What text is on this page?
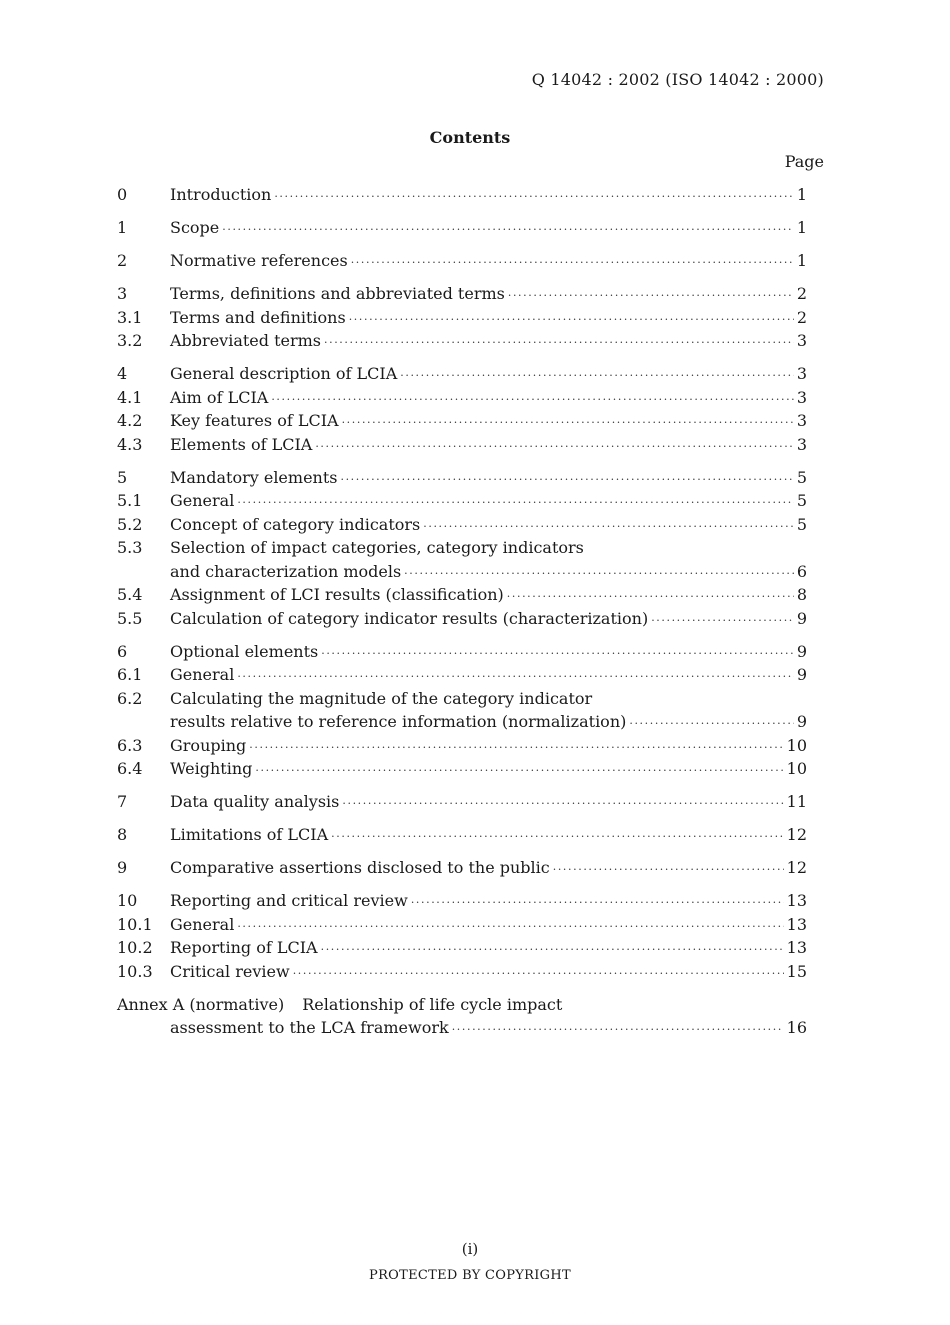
Q 14042 : 2002 (ISO 14042 : 2000)
Contents
Page
0	Introduction ·····	1
1	Scope ·····	1
2	Normative references ·····	1
3	Terms, definitions and abbreviated terms ·····	2
3.1	Terms and definitions ·····	2
3.2	Abbreviated terms ·····	3
4	General description of LCIA ·····	3
4.1	Aim of LCIA ·····	3
4.2	Key features of LCIA ·····	3
4.3	Elements of LCIA ·····	3
5	Mandatory elements ·····	5
5.1	General ·····	5
5.2	Concept of category indicators ·····	5
5.3	Selection of impact categories, category indicators
and characterization models ·····	6
5.4	Assignment of LCI results (classification) ·····	8
5.5	Calculation of category indicator results (characterization) ·····	9
6	Optional elements ·····	9
6.1	General ·····	9
6.2	Calculating the magnitude of the category indicator
results relative to reference information (normalization) ·····	9
6.3	Grouping ·····	10
6.4	Weighting ·····	10
7	Data quality analysis ·····	11
8	Limitations of LCIA ·····	12
9	Comparative assertions disclosed to the public ·····	12
10	Reporting and critical review ·····	13
10.1	General ·····	13
10.2	Reporting of LCIA ·····	13
10.3	Critical review ·····	15
Annex A (normative) Relationship of life cycle impact
assessment to the LCA framework ·····	16
(i)
PROTECTED BY COPYRIGHT
